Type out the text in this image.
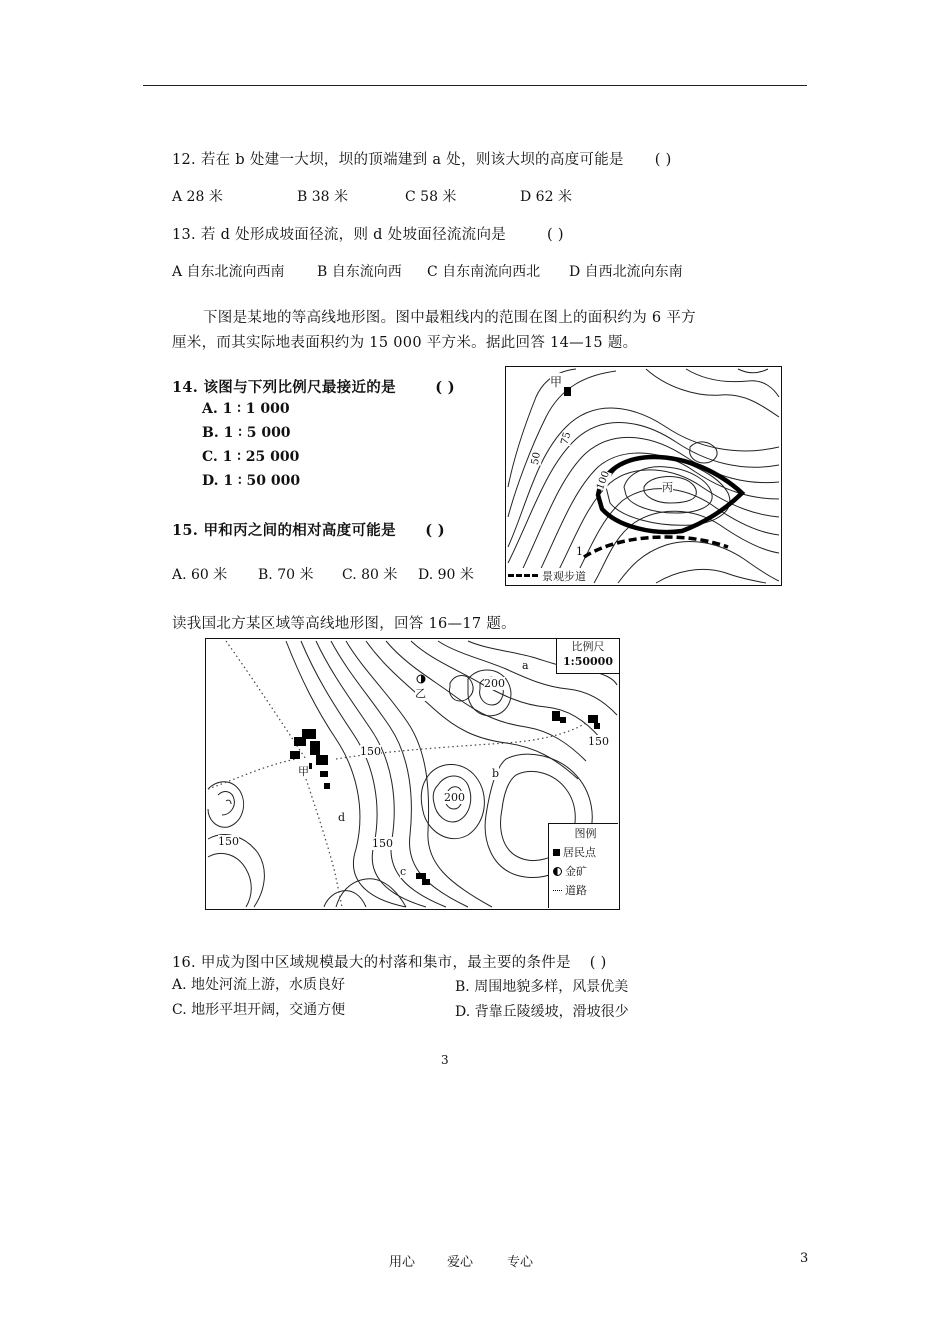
12. 若在 b 处建一大坝，坝的顶端建到 a 处，则该大坝的高度可能是 ( )
A 28 米	B 38 米	C 58 米	D 62 米
13. 若 d 处形成坡面径流，则 d 处坡面径流流向是	( )
A 自东北流向西南 B 自东流向西 C 自东南流向西北 D 自西北流向东南
下图是某地的等高线地形图。图中最粗线内的范围在图上的面积约为 6 平方
厘米，而其实际地表面积约为 15 000 平方米。据此回答 14—15 题。
14. 该图与下列比例尺最接近的是	( )
A. 1 ∶ 1 000
B. 1 ∶ 5 000
C. 1 ∶ 25 000
D. 1 ∶ 50 000
15. 甲和丙之间的相对高度可能是 ( )
A. 60 米 B. 70 米 C. 80 米 D. 90 米
甲
丙
50
75
100
1
景观步道
读我国北方某区域等高线地形图，回答 16—17 题。
a
b
c
d
乙
甲
200
200
150
150
150	150
比例尺
1:50000
图例
居民点
金矿
道路
16. 甲成为图中区域规模最大的村落和集市，最主要的条件是 ( )
A. 地处河流上游，水质良好	B. 周围地貌多样，风景优美
C. 地形平坦开阔，交通方便	D. 背靠丘陵缓坡，滑坡很少
3
用心 爱心	专心	3
